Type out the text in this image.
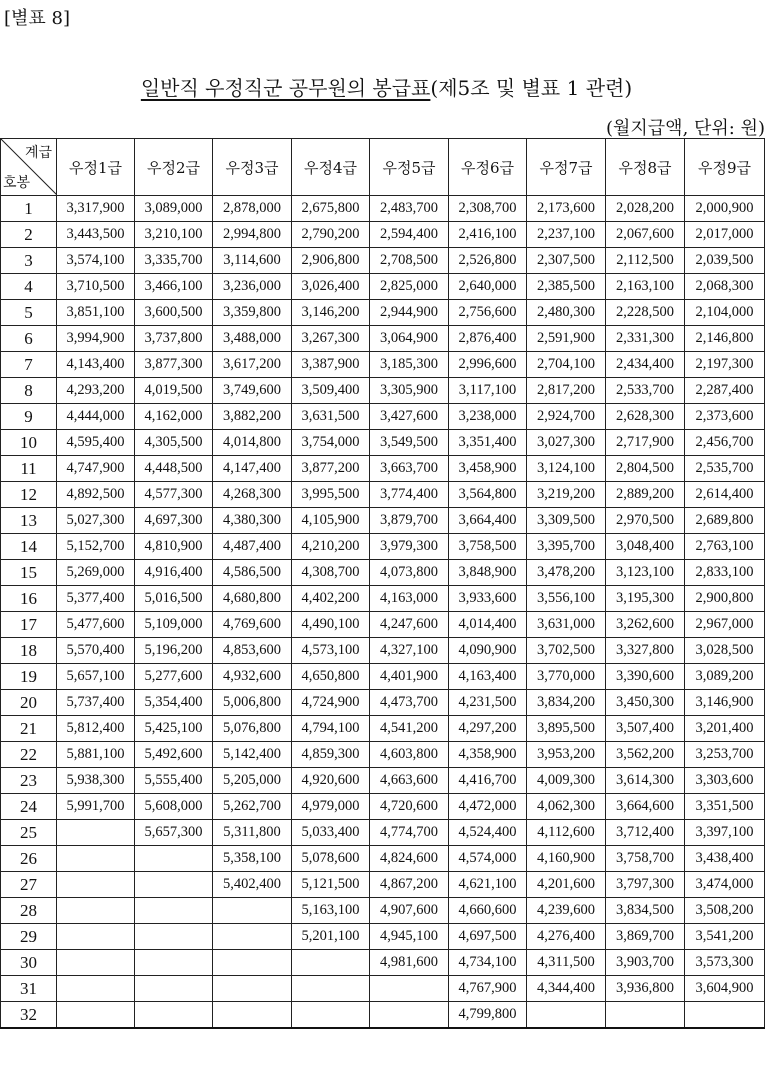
[별표 8]
일반직 우정직군 공무원의 봉급표(제5조 및 별표 1 관련)
(월지급액, 단위: 원)
계급
호봉	우정1급	우정2급	우정3급	우정4급	우정5급	우정6급	우정7급	우정8급	우정9급
1	3,317,900	3,089,000	2,878,000	2,675,800	2,483,700	2,308,700	2,173,600	2,028,200	2,000,900
2	3,443,500	3,210,100	2,994,800	2,790,200	2,594,400	2,416,100	2,237,100	2,067,600	2,017,000
3	3,574,100	3,335,700	3,114,600	2,906,800	2,708,500	2,526,800	2,307,500	2,112,500	2,039,500
4	3,710,500	3,466,100	3,236,000	3,026,400	2,825,000	2,640,000	2,385,500	2,163,100	2,068,300
5	3,851,100	3,600,500	3,359,800	3,146,200	2,944,900	2,756,600	2,480,300	2,228,500	2,104,000
6	3,994,900	3,737,800	3,488,000	3,267,300	3,064,900	2,876,400	2,591,900	2,331,300	2,146,800
7	4,143,400	3,877,300	3,617,200	3,387,900	3,185,300	2,996,600	2,704,100	2,434,400	2,197,300
8	4,293,200	4,019,500	3,749,600	3,509,400	3,305,900	3,117,100	2,817,200	2,533,700	2,287,400
9	4,444,000	4,162,000	3,882,200	3,631,500	3,427,600	3,238,000	2,924,700	2,628,300	2,373,600
10	4,595,400	4,305,500	4,014,800	3,754,000	3,549,500	3,351,400	3,027,300	2,717,900	2,456,700
11	4,747,900	4,448,500	4,147,400	3,877,200	3,663,700	3,458,900	3,124,100	2,804,500	2,535,700
12	4,892,500	4,577,300	4,268,300	3,995,500	3,774,400	3,564,800	3,219,200	2,889,200	2,614,400
13	5,027,300	4,697,300	4,380,300	4,105,900	3,879,700	3,664,400	3,309,500	2,970,500	2,689,800
14	5,152,700	4,810,900	4,487,400	4,210,200	3,979,300	3,758,500	3,395,700	3,048,400	2,763,100
15	5,269,000	4,916,400	4,586,500	4,308,700	4,073,800	3,848,900	3,478,200	3,123,100	2,833,100
16	5,377,400	5,016,500	4,680,800	4,402,200	4,163,000	3,933,600	3,556,100	3,195,300	2,900,800
17	5,477,600	5,109,000	4,769,600	4,490,100	4,247,600	4,014,400	3,631,000	3,262,600	2,967,000
18	5,570,400	5,196,200	4,853,600	4,573,100	4,327,100	4,090,900	3,702,500	3,327,800	3,028,500
19	5,657,100	5,277,600	4,932,600	4,650,800	4,401,900	4,163,400	3,770,000	3,390,600	3,089,200
20	5,737,400	5,354,400	5,006,800	4,724,900	4,473,700	4,231,500	3,834,200	3,450,300	3,146,900
21	5,812,400	5,425,100	5,076,800	4,794,100	4,541,200	4,297,200	3,895,500	3,507,400	3,201,400
22	5,881,100	5,492,600	5,142,400	4,859,300	4,603,800	4,358,900	3,953,200	3,562,200	3,253,700
23	5,938,300	5,555,400	5,205,000	4,920,600	4,663,600	4,416,700	4,009,300	3,614,300	3,303,600
24	5,991,700	5,608,000	5,262,700	4,979,000	4,720,600	4,472,000	4,062,300	3,664,600	3,351,500
25		5,657,300	5,311,800	5,033,400	4,774,700	4,524,400	4,112,600	3,712,400	3,397,100
26			5,358,100	5,078,600	4,824,600	4,574,000	4,160,900	3,758,700	3,438,400
27			5,402,400	5,121,500	4,867,200	4,621,100	4,201,600	3,797,300	3,474,000
28				5,163,100	4,907,600	4,660,600	4,239,600	3,834,500	3,508,200
29				5,201,100	4,945,100	4,697,500	4,276,400	3,869,700	3,541,200
30					4,981,600	4,734,100	4,311,500	3,903,700	3,573,300
31						4,767,900	4,344,400	3,936,800	3,604,900
32						4,799,800			
